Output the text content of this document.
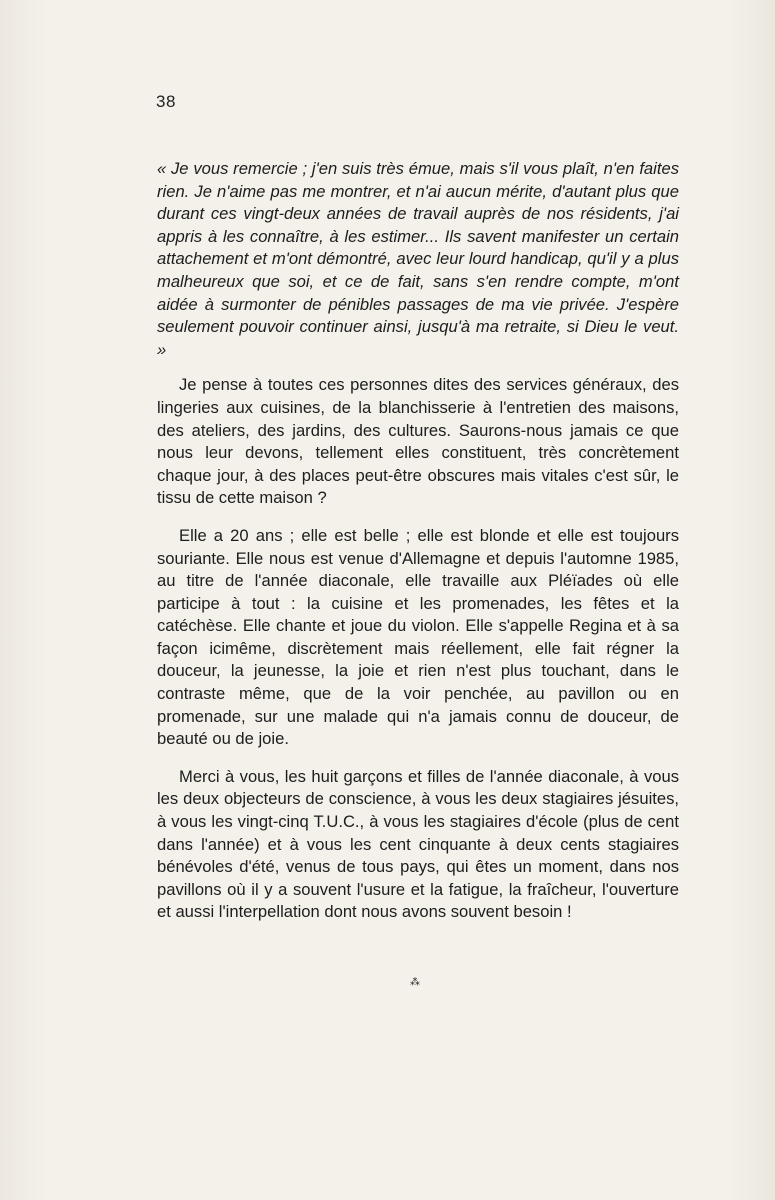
38

« Je vous remercie ; j'en suis très émue, mais s'il vous plaît, n'en faites rien. Je n'aime pas me montrer, et n'ai aucun mérite, d'autant plus que durant ces vingt-deux années de travail auprès de nos résidents, j'ai appris à les connaître, à les estimer... Ils savent manifester un certain attachement et m'ont démontré, avec leur lourd handicap, qu'il y a plus malheureux que soi, et ce de fait, sans s'en rendre compte, m'ont aidée à surmonter de pénibles passages de ma vie privée. J'espère seulement pouvoir continuer ainsi, jusqu'à ma retraite, si Dieu le veut. »

Je pense à toutes ces personnes dites des services généraux, des lingeries aux cuisines, de la blanchisserie à l'entretien des maisons, des ateliers, des jardins, des cultures. Saurons-nous jamais ce que nous leur devons, tellement elles constituent, très concrètement chaque jour, à des places peut-être obscures mais vitales c'est sûr, le tissu de cette maison ?

Elle a 20 ans ; elle est belle ; elle est blonde et elle est toujours souriante. Elle nous est venue d'Allemagne et depuis l'automne 1985, au titre de l'année diaconale, elle travaille aux Pléïades où elle participe à tout : la cuisine et les promenades, les fêtes et la catéchèse. Elle chante et joue du violon. Elle s'appelle Regina et à sa façon icimême, discrètement mais réellement, elle fait régner la douceur, la jeunesse, la joie et rien n'est plus touchant, dans le contraste même, que de la voir penchée, au pavillon ou en promenade, sur une malade qui n'a jamais connu de douceur, de beauté ou de joie.

Merci à vous, les huit garçons et filles de l'année diaconale, à vous les deux objecteurs de conscience, à vous les deux stagiaires jésuites, à vous les vingt-cinq T.U.C., à vous les stagiaires d'école (plus de cent dans l'année) et à vous les cent cinquante à deux cents stagiaires bénévoles d'été, venus de tous pays, qui êtes un moment, dans nos pavillons où il y a souvent l'usure et la fatigue, la fraîcheur, l'ouverture et aussi l'interpellation dont nous avons souvent besoin !

⁂
